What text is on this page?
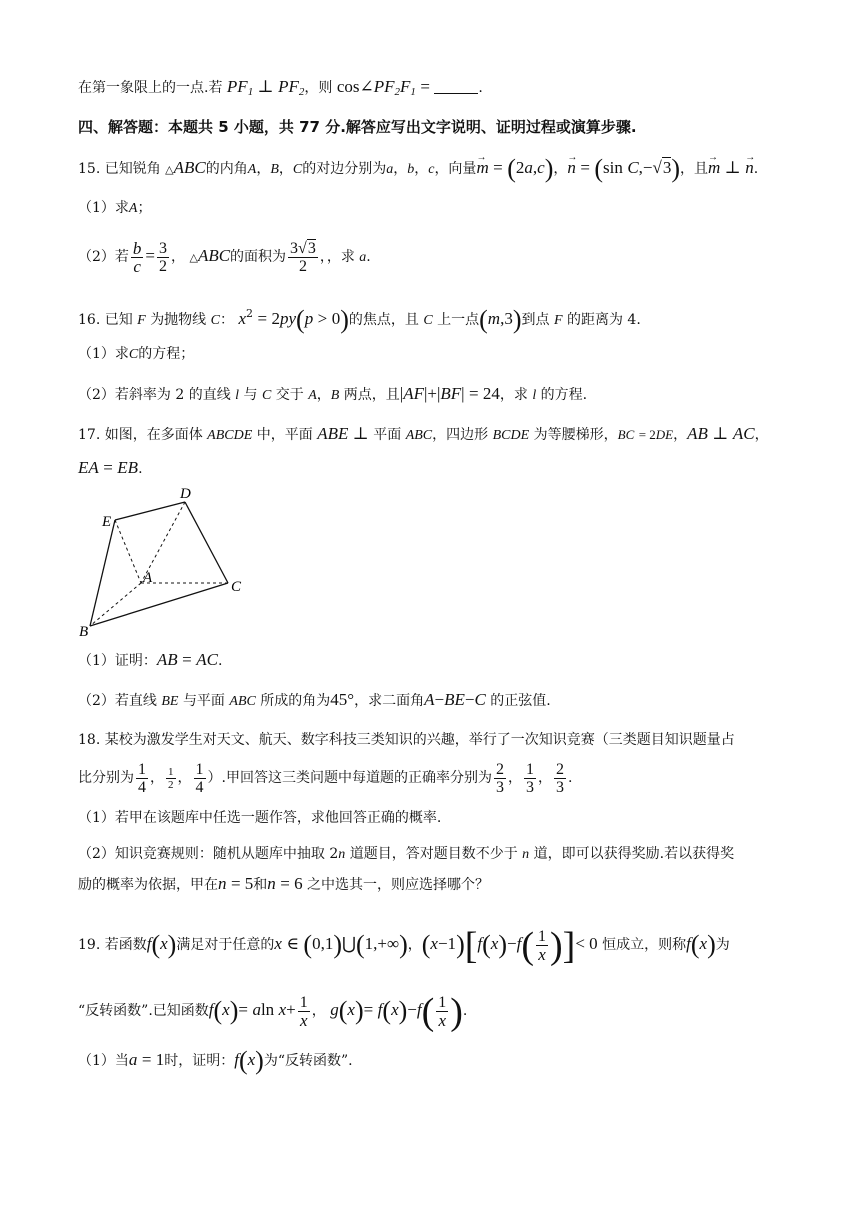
在第一象限上的一点.若 $PF_1$ ⊥ $PF_2$，则 $\cos\angle PF_2F_1$ =	.
四、解答题：本题共 5 小题，共 77 分.解答应写出文字说明、证明过程或演算步骤.
15. 已知锐角 △ABC的内角A，B，C的对边分别为a，b，c，向量→ m = (2a,c)，→ n = (sin C,−√3)，且→ m ⊥ → n.
（1）求A；
（2）若 $\frac{b}{c} = \frac{3}{2}$ ， △ABC的面积为 $\frac{3√3}{2}$ ，，求 a.
16. 已知 F 为抛物线 C： $x^2 = 2py(p > 0)$的焦点，且 C 上一点(m,3)到点 F 的距离为 4.
（1）求C的方程；
（2）若斜率为 2 的直线 l 与 C 交于 A，B 两点，且|AF|+|BF| = 24，求 l 的方程.
17. 如图，在多面体 ABCDE 中，平面 ABE ⊥ 平面 ABC，四边形 BCDE 为等腰梯形，BC = 2DE，AB ⊥ AC，
EA = EB.
D
E
A
C
B
（1）证明：AB = AC.
（2）若直线 BE 与平面 ABC 所成的角为45°，求二面角A−BE−C 的正弦值.
18. 某校为激发学生对天文、航天、数字科技三类知识的兴趣，举行了一次知识竞赛（三类题目知识题量占
比分别为 $\frac{1}{4}$ ， $\frac{1}{2}$ ， $\frac{1}{4}$ ）.甲回答这三类问题中每道题的正确率分别为 $\frac{2}{3}$ ， $\frac{1}{3}$ ， $\frac{2}{3}$ .
（1）若甲在该题库中任选一题作答，求他回答正确的概率.
（2）知识竞赛规则：随机从题库中抽取 2n 道题目，答对题目数不少于 n 道，即可以获得奖励.若以获得奖
励的概率为依据，甲在n = 5和n = 6 之中选其一，则应选择哪个？
19. 若函数f(x)满足对于任意的x ∈ (0,1)⋃(1,+∞)，$(x-1)[f(x)-f( \frac{1}{x}$ )]< 0 恒成立，则称f(x)为
“反转函数”.已知函数f(x)= aln $x+ \frac{1}{x}$ ， $g(x)= f(x)-f( \frac{1}{x}$ ).
（1）当a = 1时，证明：f(x)为“反转函数”.
